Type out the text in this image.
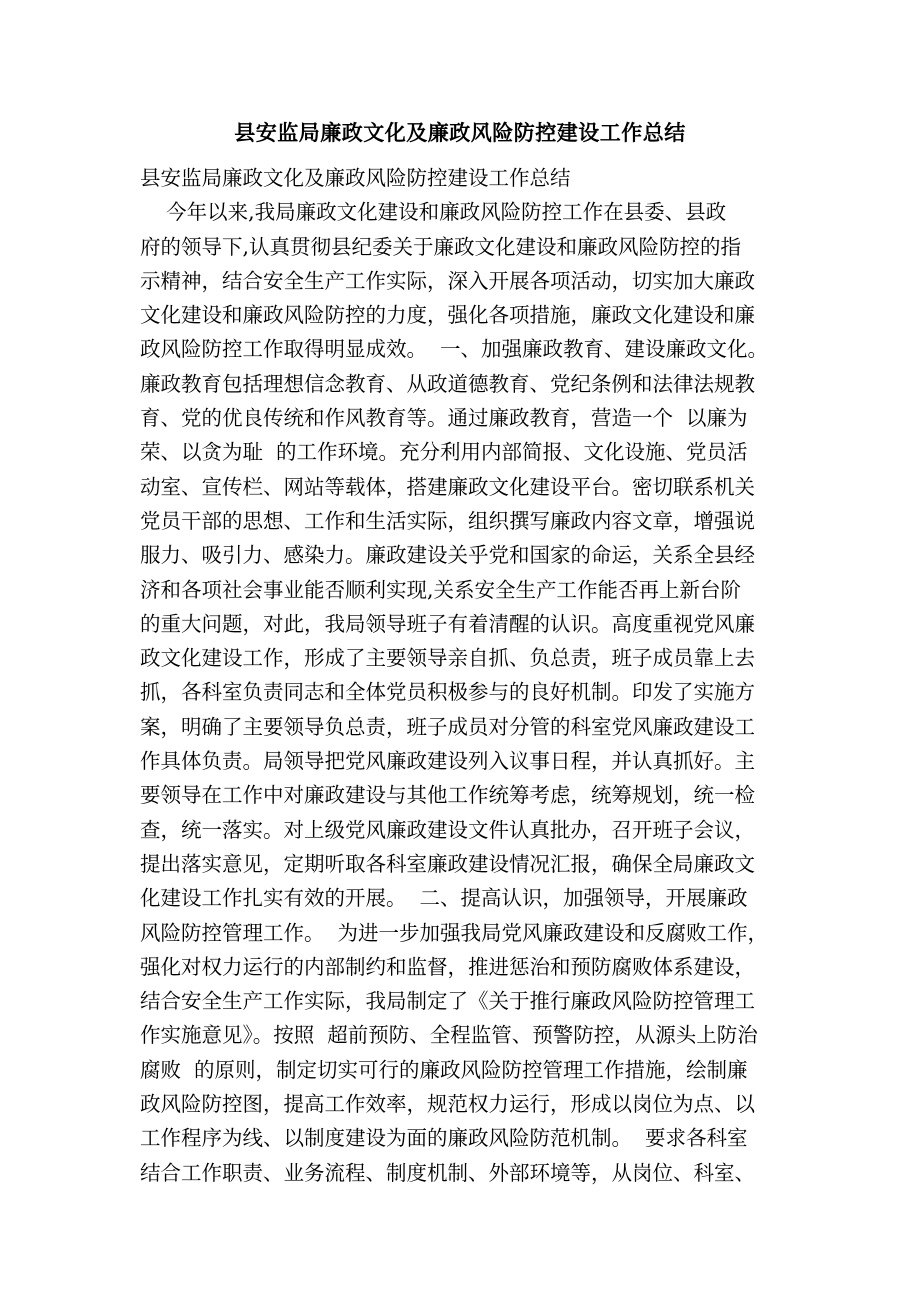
县安监局廉政文化及廉政风险防控建设工作总结
县安监局廉政文化及廉政风险防控建设工作总结
今年以来,我局廉政文化建设和廉政风险防控工作在县委、县政
府的领导下,认真贯彻县纪委关于廉政文化建设和廉政风险防控的指
示精神，结合安全生产工作实际，深入开展各项活动，切实加大廉政
文化建设和廉政风险防控的力度，强化各项措施，廉政文化建设和廉
政风险防控工作取得明显成效。  一、加强廉政教育、建设廉政文化。
廉政教育包括理想信念教育、从政道德教育、党纪条例和法律法规教
育、党的优良传统和作风教育等。通过廉政教育，营造一个  以廉为
荣、以贪为耻  的工作环境。充分利用内部简报、文化设施、党员活
动室、宣传栏、网站等载体，搭建廉政文化建设平台。密切联系机关
党员干部的思想、工作和生活实际，组织撰写廉政内容文章，增强说
服力、吸引力、感染力。廉政建设关乎党和国家的命运，关系全县经
济和各项社会事业能否顺利实现,关系安全生产工作能否再上新台阶
的重大问题，对此，我局领导班子有着清醒的认识。高度重视党风廉
政文化建设工作，形成了主要领导亲自抓、负总责，班子成员靠上去
抓，各科室负责同志和全体党员积极参与的良好机制。印发了实施方
案，明确了主要领导负总责，班子成员对分管的科室党风廉政建设工
作具体负责。局领导把党风廉政建设列入议事日程，并认真抓好。主
要领导在工作中对廉政建设与其他工作统筹考虑，统筹规划，统一检
查，统一落实。对上级党风廉政建设文件认真批办，召开班子会议，
提出落实意见，定期听取各科室廉政建设情况汇报，确保全局廉政文
化建设工作扎实有效的开展。  二、提高认识，加强领导，开展廉政
风险防控管理工作。  为进一步加强我局党风廉政建设和反腐败工作，
强化对权力运行的内部制约和监督，推进惩治和预防腐败体系建设，
结合安全生产工作实际，我局制定了《关于推行廉政风险防控管理工
作实施意见》。按照  超前预防、全程监管、预警防控，从源头上防治
腐败  的原则，制定切实可行的廉政风险防控管理工作措施，绘制廉
政风险防控图，提高工作效率，规范权力运行，形成以岗位为点、以
工作程序为线、以制度建设为面的廉政风险防范机制。  要求各科室
结合工作职责、业务流程、制度机制、外部环境等，从岗位、科室、
